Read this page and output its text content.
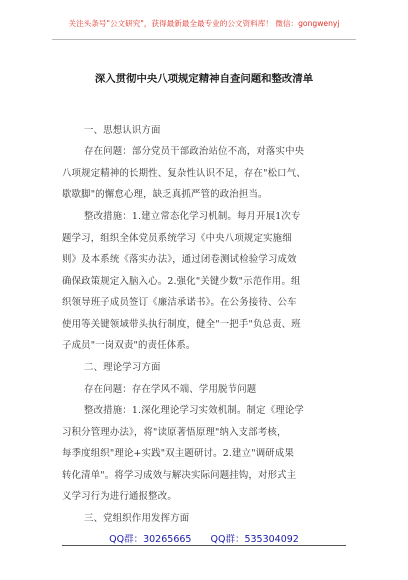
关注头条号"公文研究"，获得最新最全最专业的公文资料库！ 微信：gongwenyj
深入贯彻中央八项规定精神自查问题和整改清单
一、思想认识方面
存在问题：部分党员干部政治站位不高，对落实中央
八项规定精神的长期性、复杂性认识不足，存在"松口气、
歇歇脚"的懈怠心理，缺乏真抓严管的政治担当。
整改措施：1.建立常态化学习机制。每月开展1次专
题学习，组织全体党员系统学习《中央八项规定实施细
则》及本系统《落实办法》，通过闭卷测试检验学习成效
确保政策规定入脑入心。2.强化"关键少数"示范作用。组
织领导班子成员签订《廉洁承诺书》。在公务接待、公车
使用等关键领域带头执行制度，健全"一把手"负总责、班
子成员"一岗双责"的责任体系。
二、理论学习方面
存在问题：存在学风不端、学用脱节问题
整改措施：1.深化理论学习实效机制。制定《理论学
习积分管理办法》，将"读原著悟原理"纳入支部考核，
每季度组织"理论+实践"双主题研讨。2.建立"调研成果
转化清单"。将学习成效与解决实际问题挂钩，对形式主
义学习行为进行通报整改。
三、党组织作用发挥方面
QQ群：30265665 QQ群：535304092
